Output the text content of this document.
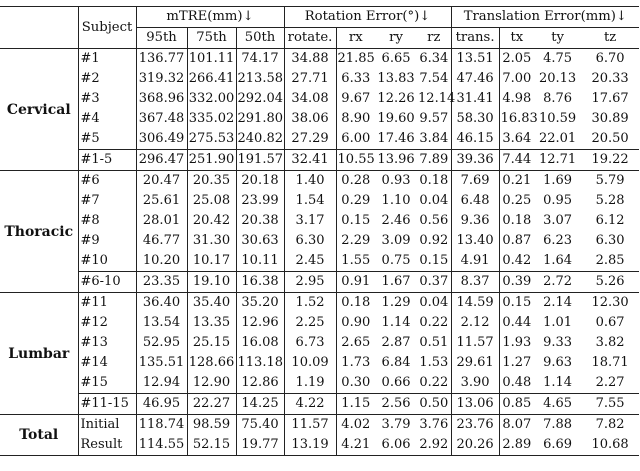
	Subject	mTRE(mm)↓			Rotation Error(°)↓				Translation Error(mm)↓			
		95th	75th	50th	rotate.	rx	ry	rz	trans.	tx	ty	tz
Cervical	#1	136.77	101.11	74.17	34.88	21.85	6.65	6.34	13.51	2.05	4.75	6.70
	#2	319.32	266.41	213.58	27.71	6.33	13.83	7.54	47.46	7.00	20.13	20.33
	#3	368.96	332.00	292.04	34.08	9.67	12.26	12.14	31.41	4.98	8.76	17.67
	#4	367.48	335.02	291.80	38.06	8.90	19.60	9.57	58.30	16.83	10.59	30.89
	#5	306.49	275.53	240.82	27.29	6.00	17.46	3.84	46.15	3.64	22.01	20.50
	#1-5	296.47	251.90	191.57	32.41	10.55	13.96	7.89	39.36	7.44	12.71	19.22
Thoracic	#6	20.47	20.35	20.18	1.40	0.28	0.93	0.18	7.69	0.21	1.69	5.79
	#7	25.61	25.08	23.99	1.54	0.29	1.10	0.04	6.48	0.25	0.95	5.28
	#8	28.01	20.42	20.38	3.17	0.15	2.46	0.56	9.36	0.18	3.07	6.12
	#9	46.77	31.30	30.63	6.30	2.29	3.09	0.92	13.40	0.87	6.23	6.30
	#10	10.20	10.17	10.11	2.45	1.55	0.75	0.15	4.91	0.42	1.64	2.85
	#6-10	23.35	19.10	16.38	2.95	0.91	1.67	0.37	8.37	0.39	2.72	5.26
Lumbar	#11	36.40	35.40	35.20	1.52	0.18	1.29	0.04	14.59	0.15	2.14	12.30
	#12	13.54	13.35	12.96	2.25	0.90	1.14	0.22	2.12	0.44	1.01	0.67
	#13	52.95	25.15	16.08	6.73	2.65	2.87	0.51	11.57	1.93	9.33	3.82
	#14	135.51	128.66	113.18	10.09	1.73	6.84	1.53	29.61	1.27	9.63	18.71
	#15	12.94	12.90	12.86	1.19	0.30	0.66	0.22	3.90	0.48	1.14	2.27
	#11-15	46.95	22.27	14.25	4.22	1.15	2.56	0.50	13.06	0.85	4.65	7.55
Total	Initial	118.74	98.59	75.40	11.57	4.02	3.79	3.76	23.76	8.07	7.88	7.82
	Result	114.55	52.15	19.77	13.19	4.21	6.06	2.92	20.26	2.89	6.69	10.68
